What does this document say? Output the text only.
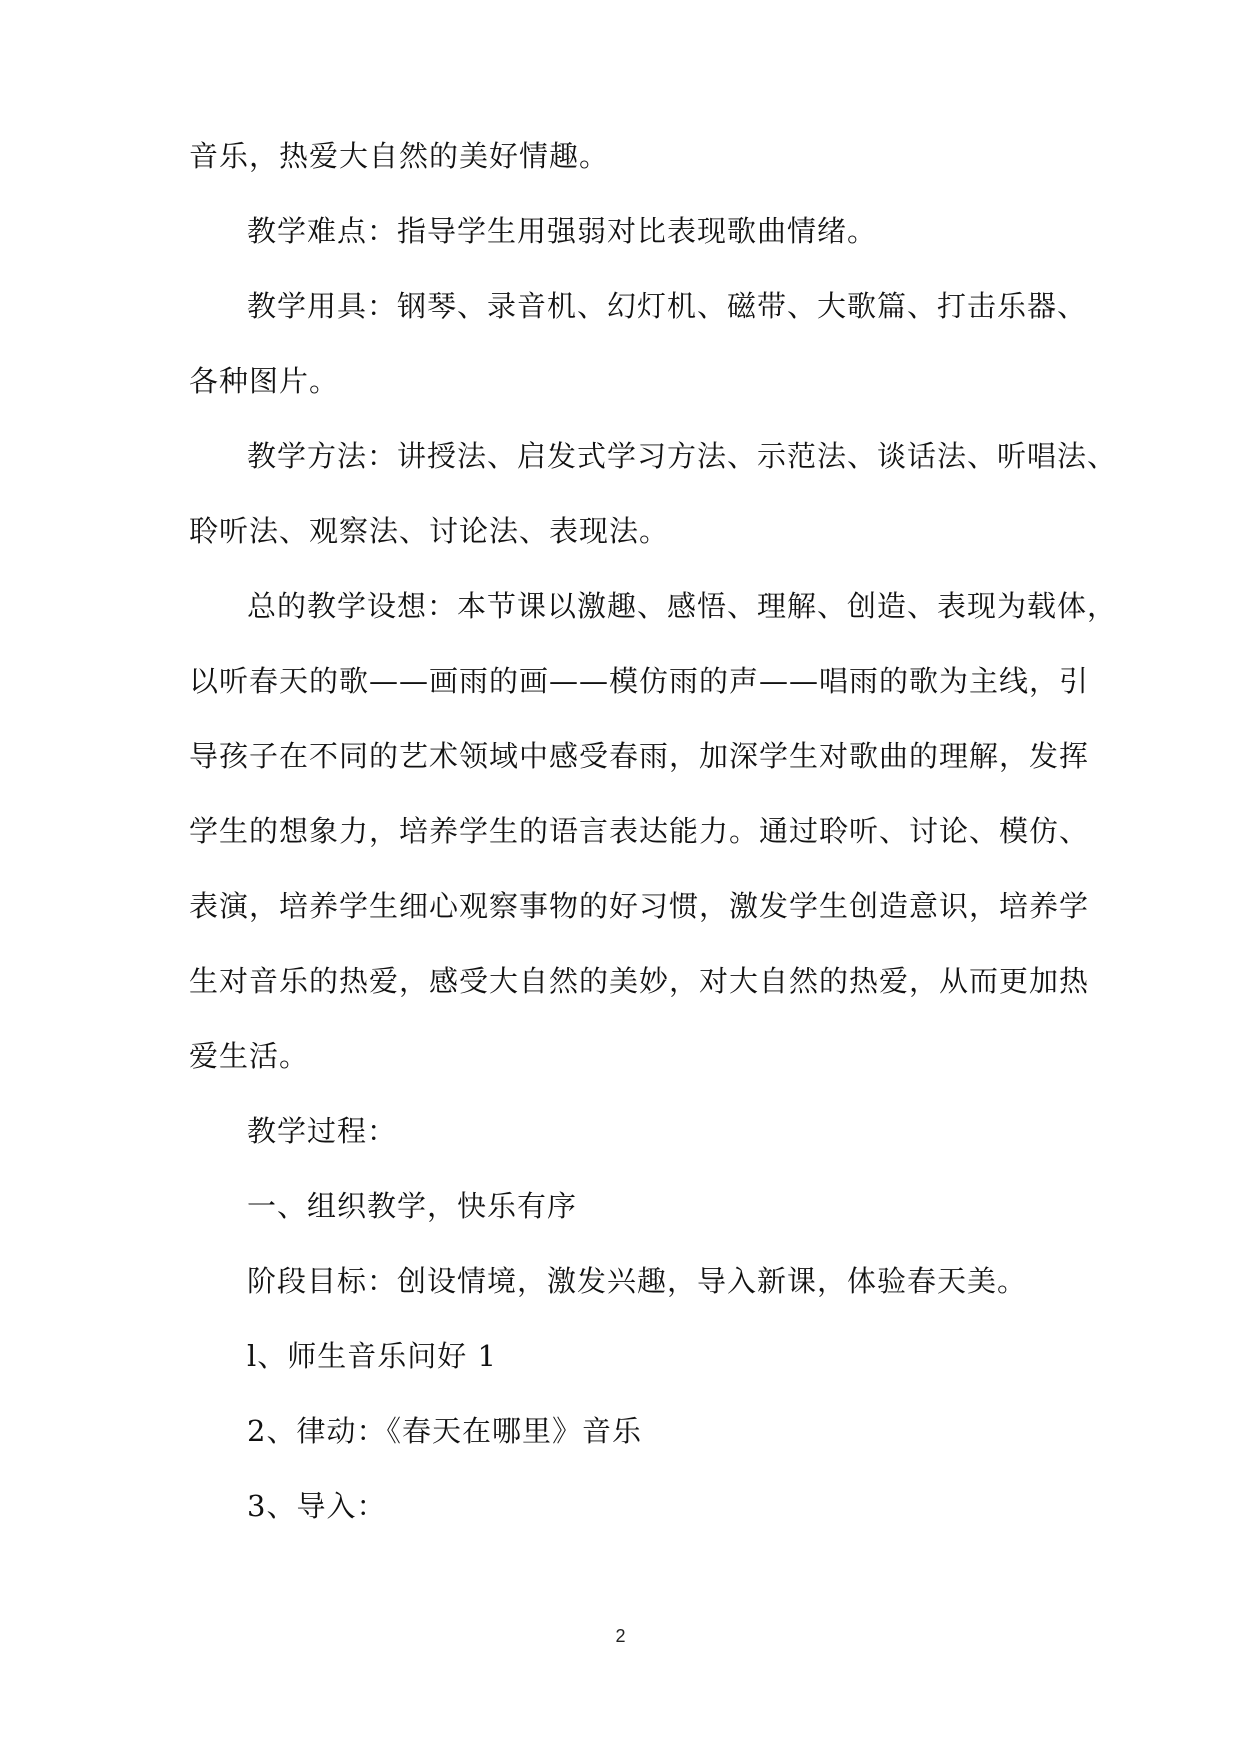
音乐，热爱大自然的美好情趣。
教学难点：指导学生用强弱对比表现歌曲情绪。
教学用具：钢琴、录音机、幻灯机、磁带、大歌篇、打击乐器、
各种图片。
教学方法：讲授法、启发式学习方法、示范法、谈话法、听唱法、
聆听法、观察法、讨论法、表现法。
总的教学设想：本节课以激趣、感悟、理解、创造、表现为载体，
以听春天的歌——画雨的画——模仿雨的声——唱雨的歌为主线，引
导孩子在不同的艺术领域中感受春雨，加深学生对歌曲的理解，发挥
学生的想象力，培养学生的语言表达能力。通过聆听、讨论、模仿、
表演，培养学生细心观察事物的好习惯，激发学生创造意识，培养学
生对音乐的热爱，感受大自然的美妙，对大自然的热爱，从而更加热
爱生活。
教学过程：
一、组织教学，快乐有序
阶段目标：创设情境，激发兴趣，导入新课，体验春天美。
l、师生音乐问好 1
2、律动：《春天在哪里》音乐
3、导入：
2
